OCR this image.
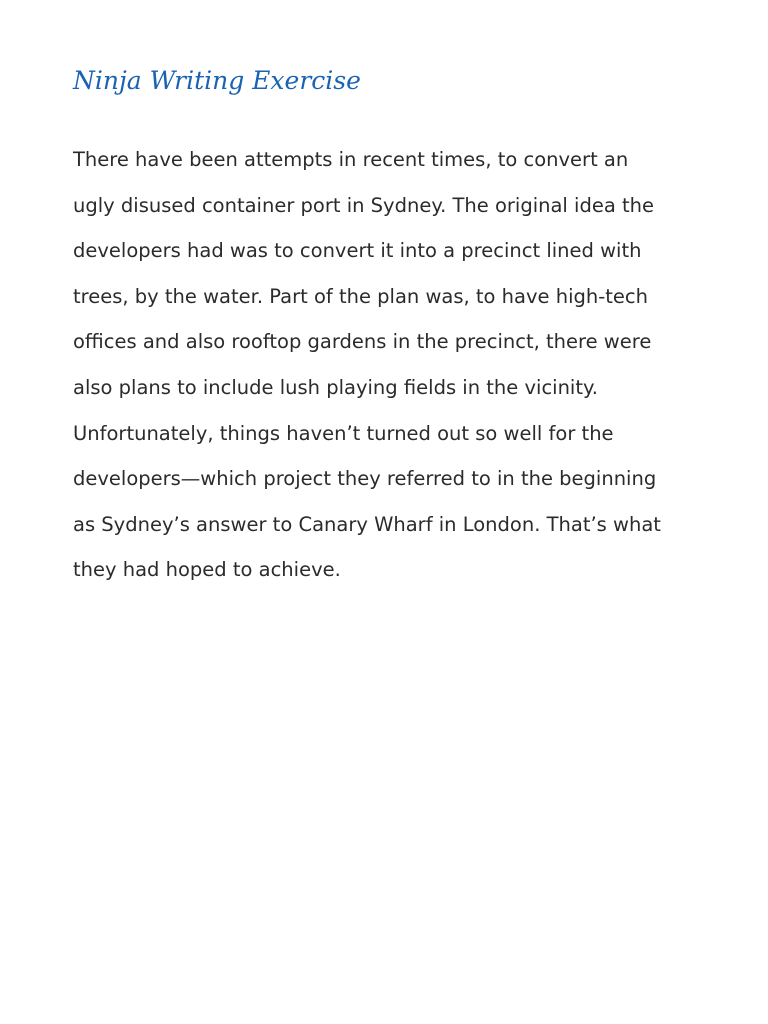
Ninja Writing Exercise

There have been attempts in recent times, to convert an
ugly disused container port in Sydney. The original idea the
developers had was to convert it into a precinct lined with
trees, by the water. Part of the plan was, to have high-tech
offices and also rooftop gardens in the precinct, there were
also plans to include lush playing fields in the vicinity.
Unfortunately, things haven’t turned out so well for the
developers—which project they referred to in the beginning
as Sydney’s answer to Canary Wharf in London. That’s what
they had hoped to achieve.
